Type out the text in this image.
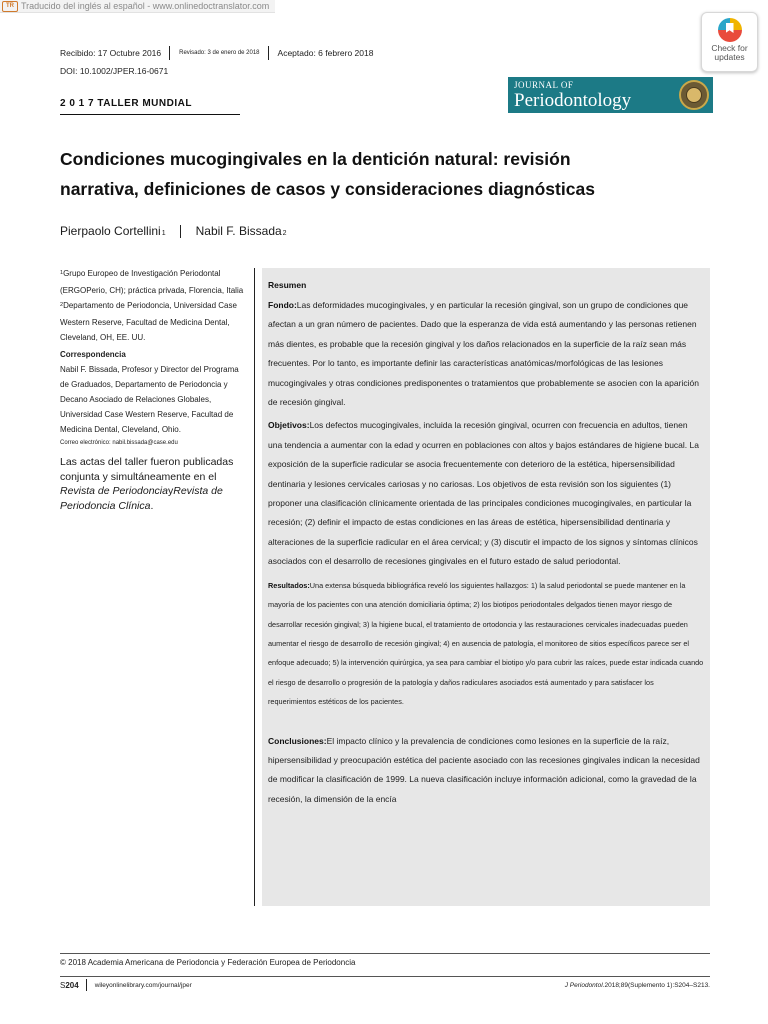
TR Traducido del inglés al español - www.onlinedoctranslator.com
Recibido: 17 Octubre 2016	Revisado: 3 de enero de 2018	Aceptado: 6 febrero 2018
DOI: 10.1002/JPER.16-0671
2 0 1 7 TALLER MUNDIAL
JOURNAL OF
Periodontology
Check for
updates
Condiciones mucogingivales en la dentición natural: revisión narrativa, definiciones de casos y consideraciones diagnósticas
Pierpaolo Cortellini$^1$	Nabil F. Bissada$^2$

$^1$Grupo Europeo de Investigación Periodontal (ERGOPerio, CH); práctica privada, Florencia, Italia

$^2$Departamento de Periodoncia, Universidad Case Western Reserve, Facultad de Medicina Dental, Cleveland, OH, EE. UU.

Correspondencia

Nabil F. Bissada, Profesor y Director del Programa de Graduados, Departamento de Periodoncia y Decano Asociado de Relaciones Globales, Universidad Case Western Reserve, Facultad de Medicina Dental, Cleveland, Ohio.

Correo electrónico: nabil.bissada@case.edu

Las actas del taller fueron publicadas conjunta y simultáneamente en el Revista de PeriodonciayRevista de Periodoncia Clínica.

Resumen

Fondo:Las deformidades mucogingivales, y en particular la recesión gingival, son un grupo de condiciones que afectan a un gran número de pacientes. Dado que la esperanza de vida está aumentando y las personas retienen más dientes, es probable que la recesión gingival y los daños relacionados en la superficie de la raíz sean más frecuentes. Por lo tanto, es importante definir las características anatómicas/morfológicas de las lesiones mucogingivales y otras condiciones predisponentes o tratamientos que probablemente se asocien con la aparición de recesión gingival.

Objetivos:Los defectos mucogingivales, incluida la recesión gingival, ocurren con frecuencia en adultos, tienen una tendencia a aumentar con la edad y ocurren en poblaciones con altos y bajos estándares de higiene bucal. La exposición de la superficie radicular se asocia frecuentemente con deterioro de la estética, hipersensibilidad dentinaria y lesiones cervicales cariosas y no cariosas. Los objetivos de esta revisión son los siguientes (1) proponer una clasificación clínicamente orientada de las principales condiciones mucogingivales, en particular la recesión; (2) definir el impacto de estas condiciones en las áreas de estética, hipersensibilidad dentinaria y alteraciones de la superficie radicular en el área cervical; y (3) discutir el impacto de los signos y síntomas clínicos asociados con el desarrollo de recesiones gingivales en el futuro estado de salud periodontal.

Resultados:Una extensa búsqueda bibliográfica reveló los siguientes hallazgos: 1) la salud periodontal se puede mantener en la mayoría de los pacientes con una atención domiciliaria óptima; 2) los biotipos periodontales delgados tienen mayor riesgo de desarrollar recesión gingival; 3) la higiene bucal, el tratamiento de ortodoncia y las restauraciones cervicales inadecuadas pueden aumentar el riesgo de desarrollo de recesión gingival; 4) en ausencia de patología, el monitoreo de sitios específicos parece ser el enfoque adecuado; 5) la intervención quirúrgica, ya sea para cambiar el biotipo y/o para cubrir las raíces, puede estar indicada cuando el riesgo de desarrollo o progresión de la patología y daños radiculares asociados está aumentado y para satisfacer los requerimientos estéticos de los pacientes.

Conclusiones:El impacto clínico y la prevalencia de condiciones como lesiones en la superficie de la raíz, hipersensibilidad y preocupación estética del paciente asociado con las recesiones gingivales indican la necesidad de modificar la clasificación de 1999. La nueva clasificación incluye información adicional, como la gravedad de la recesión, la dimensión de la encía

© 2018 Academia Americana de Periodoncia y Federación Europea de Periodoncia
S204 wileyonlinelibrary.com/journal/jper	J Periodontol.2018;89(Suplemento 1):S204–S213.
